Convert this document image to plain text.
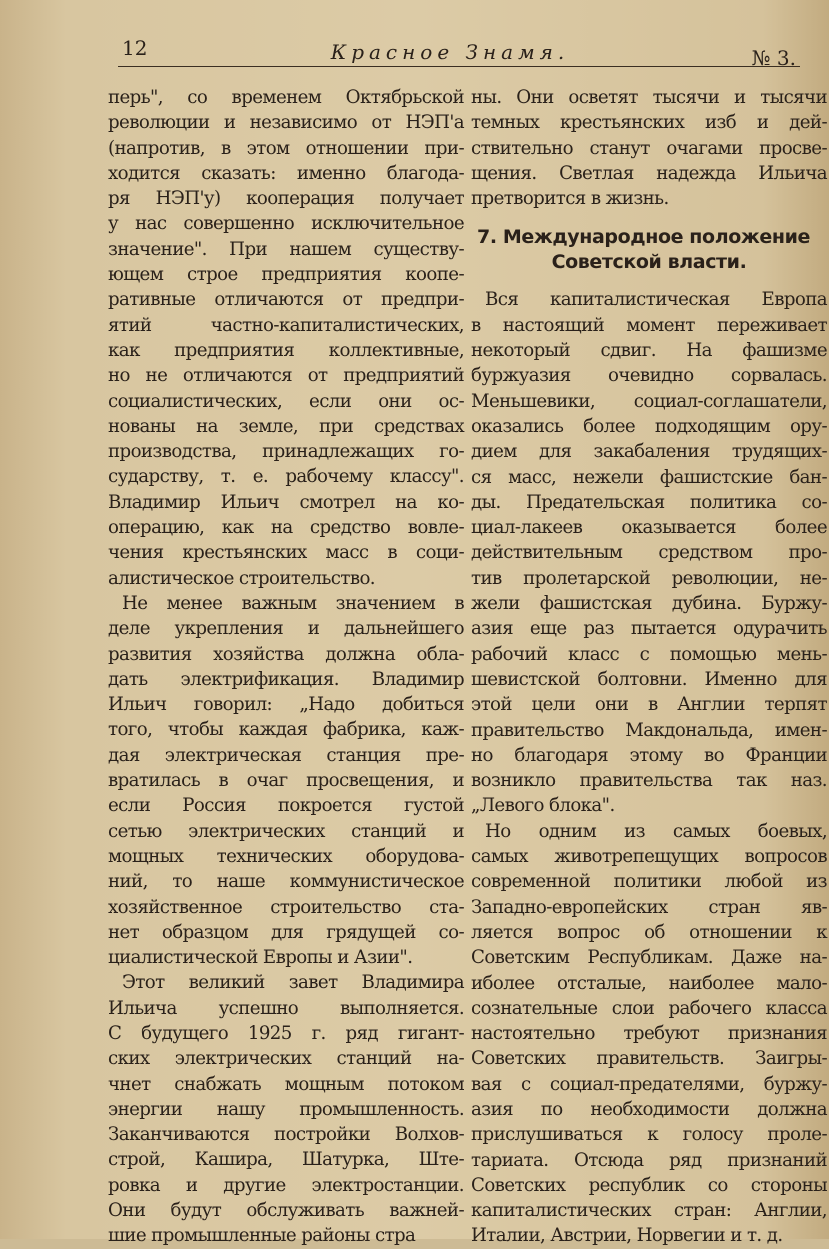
12	Красное Знамя.	№ 3.
перь", со временем Октябрьской
революции и независимо от НЭП'а
(напротив, в этом отношении при-
ходится сказать: именно благода-
ря НЭП'у) кооперация получает
у нас совершенно исключительное
значение". При нашем существу-
ющем строе предприятия коопе-
ративные отличаются от предпри-
ятий частно-капиталистических,
как предприятия коллективные,
но не отличаются от предприятий
социалистических, если они ос-
нованы на земле, при средствах
производства, принадлежащих го-
сударству, т. е. рабочему классу".
Владимир Ильич смотрел на ко-
операцию, как на средство вовле-
чения крестьянских масс в соци-
алистическое строительство.
Не менее важным значением в
деле укрепления и дальнейшего
развития хозяйства должна обла-
дать электрификация. Владимир
Ильич говорил: „Надо добиться
того, чтобы каждая фабрика, каж-
дая электрическая станция пре-
вратилась в очаг просвещения, и
если Россия покроется густой
сетью электрических станций и
мощных технических оборудова-
ний, то наше коммунистическое
хозяйственное строительство ста-
нет образцом для грядущей со-
циалистической Европы и Азии".
Этот великий завет Владимира
Ильича успешно выполняется.
С будущего 1925 г. ряд гигант-
ских электрических станций на-
чнет снабжать мощным потоком
энергии нашу промышленность.
Заканчиваются постройки Волхов-
строй, Кашира, Шатурка, Ште-
ровка и другие электростанции.
Они будут обслуживать важней-
шие промышленные районы стра
ны. Они осветят тысячи и тысячи
темных крестьянских изб и дей-
ствительно станут очагами просве-
щения. Светлая надежда Ильича
претворится в жизнь.
7. Международное положение
Советской власти.
Вся капиталистическая Европа
в настоящий момент переживает
некоторый сдвиг. На фашизме
буржуазия очевидно сорвалась.
Меньшевики, социал-соглашатели,
оказались более подходящим ору-
дием для закабаления трудящих-
ся масс, нежели фашистские бан-
ды. Предательская политика со-
циал-лакеев оказывается более
действительным средством про-
тив пролетарской революции, не-
жели фашистская дубина. Буржу-
азия еще раз пытается одурачить
рабочий класс с помощью мень-
шевистской болтовни. Именно для
этой цели они в Англии терпят
правительство Макдональда, имен-
но благодаря этому во Франции
возникло правительства так наз.
„Левого блока".
Но одним из самых боевых,
самых животрепещущих вопросов
современной политики любой из
Западно-европейских стран яв-
ляется вопрос об отношении к
Советским Республикам. Даже на-
иболее отсталые, наиболее мало-
сознательные слои рабочего класса
настоятельно требуют признания
Советских правительств. Заигры-
вая с социал-предателями, буржу-
азия по необходимости должна
прислушиваться к голосу проле-
тариата. Отсюда ряд признаний
Советских республик со стороны
капиталистических стран: Англии,
Италии, Австрии, Норвегии и т. д.
